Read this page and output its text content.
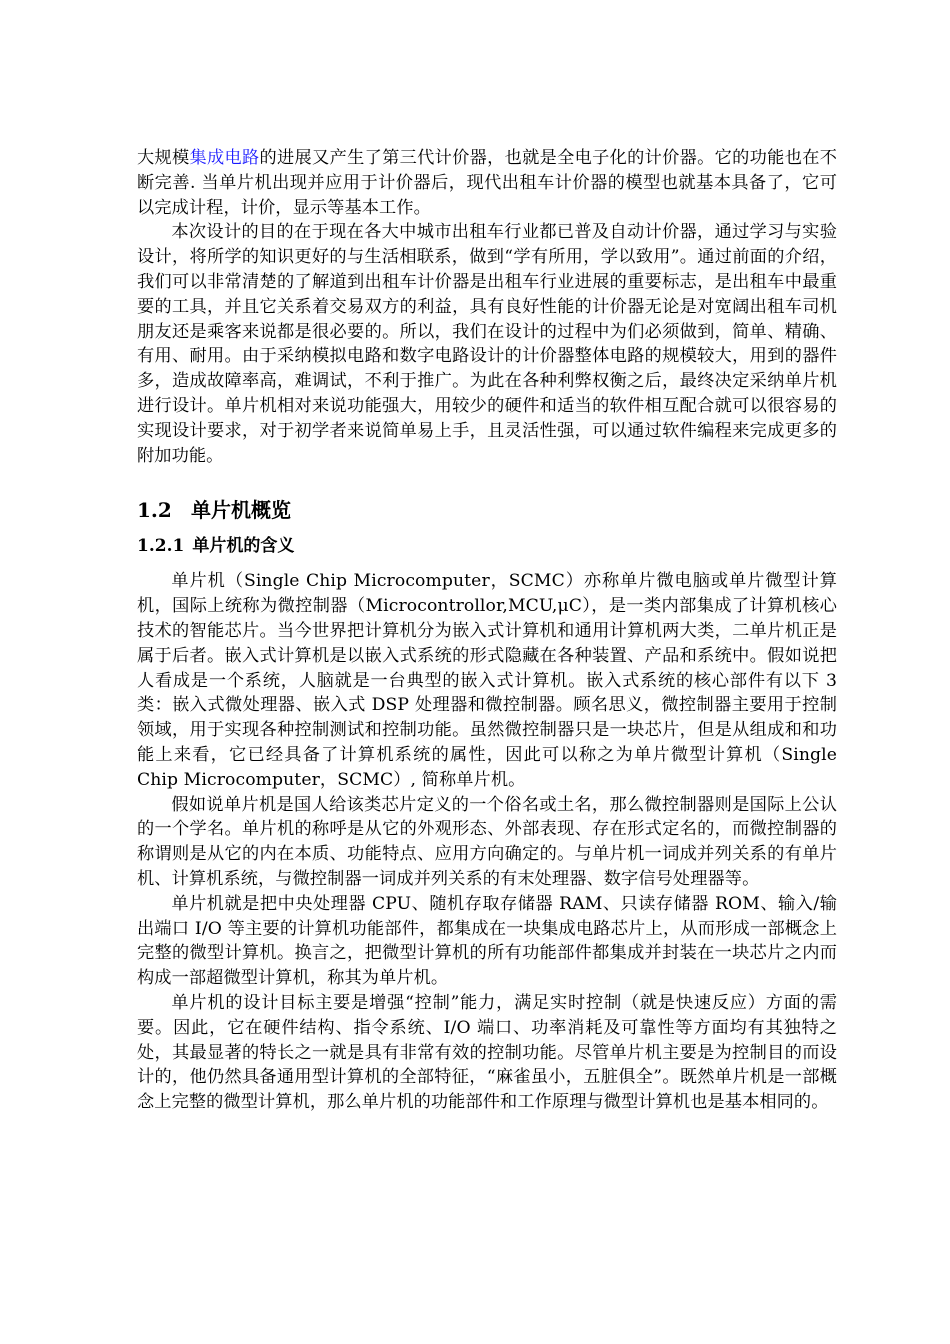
大规模集成电路的进展又产生了第三代计价器，也就是全电子化的计价器。它的功能也在不断完善. 当单片机出现并应用于计价器后，现代出租车计价器的模型也就基本具备了，它可以完成计程，计价，显示等基本工作。

本次设计的目的在于现在各大中城市出租车行业都已普及自动计价器，通过学习与实验设计，将所学的知识更好的与生活相联系，做到“学有所用，学以致用”。通过前面的介绍，我们可以非常清楚的了解道到出租车计价器是出租车行业进展的重要标志，是出租车中最重要的工具，并且它关系着交易双方的利益，具有良好性能的计价器无论是对宽阔出租车司机朋友还是乘客来说都是很必要的。所以，我们在设计的过程中为们必须做到，简单、精确、有用、耐用。由于采纳模拟电路和数字电路设计的计价器整体电路的规模较大，用到的器件多，造成故障率高，难调试，不利于推广。为此在各种利弊权衡之后，最终决定采纳单片机进行设计。单片机相对来说功能强大，用较少的硬件和适当的软件相互配合就可以很容易的实现设计要求，对于初学者来说简单易上手，且灵活性强，可以通过软件编程来完成更多的附加功能。

1.2 单片机概览
1.2.1 单片机的含义

单片机（Single Chip Microcomputer，SCMC）亦称单片微电脑或单片微型计算机，国际上统称为微控制器（Microcontrollor,MCU,μC），是一类内部集成了计算机核心技术的智能芯片。当今世界把计算机分为嵌入式计算机和通用计算机两大类，二单片机正是属于后者。嵌入式计算机是以嵌入式系统的形式隐藏在各种装置、产品和系统中。假如说把人看成是一个系统，人脑就是一台典型的嵌入式计算机。嵌入式系统的核心部件有以下 3 类：嵌入式微处理器、嵌入式 DSP 处理器和微控制器。顾名思义，微控制器主要用于控制领域，用于实现各种控制测试和控制功能。虽然微控制器只是一块芯片，但是从组成和和功能上来看，它已经具备了计算机系统的属性，因此可以称之为单片微型计算机（Single Chip Microcomputer，SCMC）, 简称单片机。

假如说单片机是国人给该类芯片定义的一个俗名或土名，那么微控制器则是国际上公认的一个学名。单片机的称呼是从它的外观形态、外部表现、存在形式定名的，而微控制器的称谓则是从它的内在本质、功能特点、应用方向确定的。与单片机一词成并列关系的有单片机、计算机系统，与微控制器一词成并列关系的有末处理器、数字信号处理器等。

单片机就是把中央处理器 CPU、随机存取存储器 RAM、只读存储器 ROM、输入/输出端口 I/O 等主要的计算机功能部件，都集成在一块集成电路芯片上，从而形成一部概念上完整的微型计算机。换言之，把微型计算机的所有功能部件都集成并封装在一块芯片之内而构成一部超微型计算机，称其为单片机。

单片机的设计目标主要是增强“控制”能力，满足实时控制（就是快速反应）方面的需要。因此，它在硬件结构、指令系统、I/O 端口、功率消耗及可靠性等方面均有其独特之处，其最显著的特长之一就是具有非常有效的控制功能。尽管单片机主要是为控制目的而设计的，他仍然具备通用型计算机的全部特征，“麻雀虽小，五脏俱全”。既然单片机是一部概念上完整的微型计算机，那么单片机的功能部件和工作原理与微型计算机也是基本相同的。
